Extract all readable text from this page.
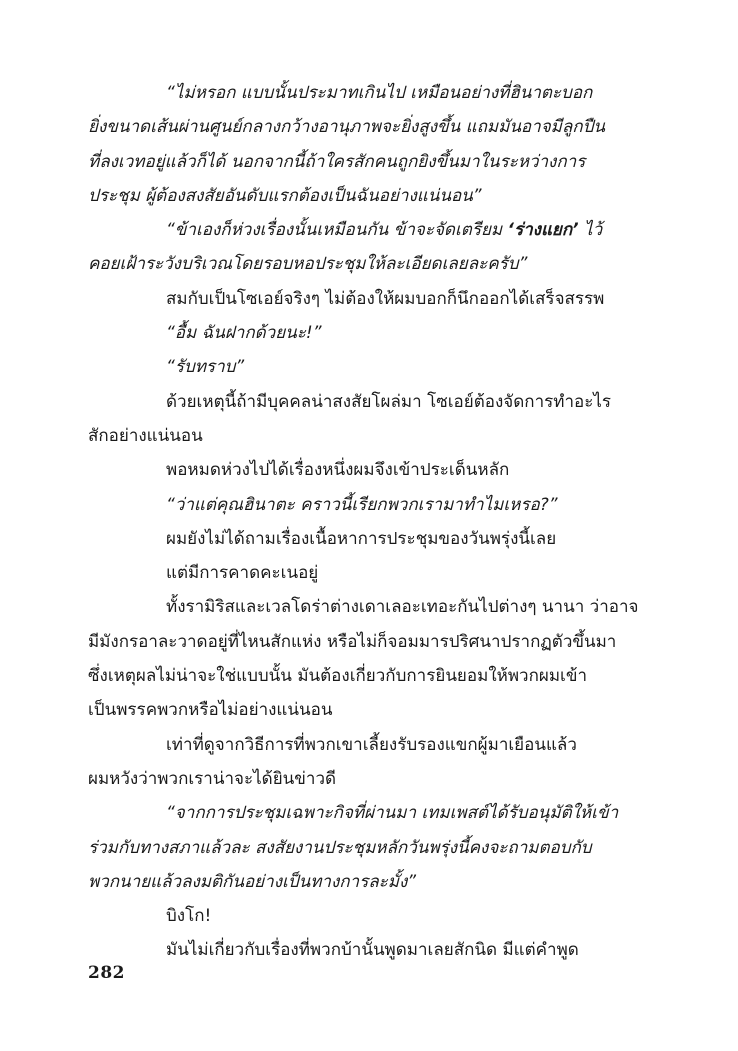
“ไม่หรอก แบบนั้นประมาทเกินไป เหมือนอย่างที่ฮินาตะบอก
ยิ่งขนาดเส้นผ่านศูนย์กลางกว้างอานุภาพจะยิ่งสูงขึ้น แถมมันอาจมีลูกปืน
ที่ลงเวทอยู่แล้วก็ได้ นอกจากนี้ถ้าใครสักคนถูกยิงขึ้นมาในระหว่างการ
ประชุม ผู้ต้องสงสัยอันดับแรกต้องเป็นฉันอย่างแน่นอน”
“ข้าเองก็ห่วงเรื่องนั้นเหมือนกัน ข้าจะจัดเตรียม ‘ร่างแยก’ ไว้
คอยเฝ้าระวังบริเวณโดยรอบหอประชุมให้ละเอียดเลยละครับ”
สมกับเป็นโซเอย์จริงๆ ไม่ต้องให้ผมบอกก็นึกออกได้เสร็จสรรพ
“อื้ม ฉันฝากด้วยนะ!”
“รับทราบ”
ด้วยเหตุนี้ถ้ามีบุคคลน่าสงสัยโผล่มา โซเอย์ต้องจัดการทำอะไร
สักอย่างแน่นอน
พอหมดห่วงไปได้เรื่องหนึ่งผมจึงเข้าประเด็นหลัก
“ว่าแต่คุณฮินาตะ คราวนี้เรียกพวกเรามาทำไมเหรอ?”
ผมยังไม่ได้ถามเรื่องเนื้อหาการประชุมของวันพรุ่งนี้เลย
แต่มีการคาดคะเนอยู่
ทั้งรามิริสและเวลโดร่าต่างเดาเลอะเทอะกันไปต่างๆ นานา ว่าอาจ
มีมังกรอาละวาดอยู่ที่ไหนสักแห่ง หรือไม่ก็จอมมารปริศนาปรากฏตัวขึ้นมา
ซึ่งเหตุผลไม่น่าจะใช่แบบนั้น มันต้องเกี่ยวกับการยินยอมให้พวกผมเข้า
เป็นพรรคพวกหรือไม่อย่างแน่นอน
เท่าที่ดูจากวิธีการที่พวกเขาเลี้ยงรับรองแขกผู้มาเยือนแล้ว
ผมหวังว่าพวกเราน่าจะได้ยินข่าวดี
“จากการประชุมเฉพาะกิจที่ผ่านมา เทมเพสต์ได้รับอนุมัติให้เข้า
ร่วมกับทางสภาแล้วละ สงสัยงานประชุมหลักวันพรุ่งนี้คงจะถามตอบกับ
พวกนายแล้วลงมติกันอย่างเป็นทางการละมั้ง”
บิงโก!
มันไม่เกี่ยวกับเรื่องที่พวกบ้านั้นพูดมาเลยสักนิด มีแต่คำพูด
282
